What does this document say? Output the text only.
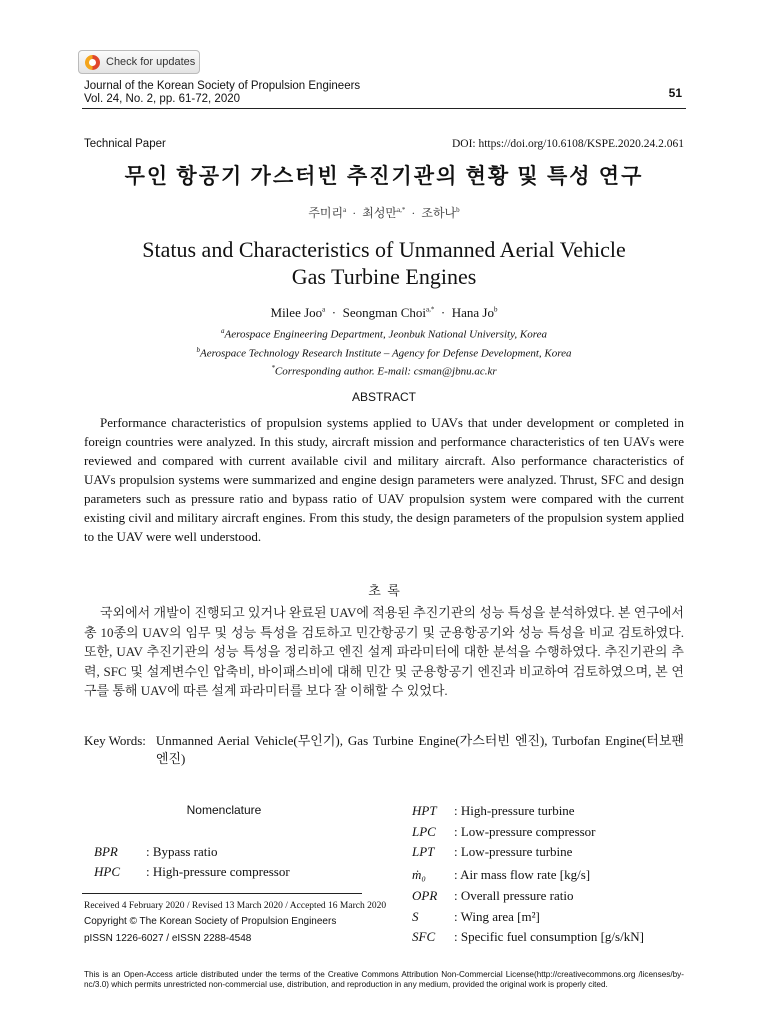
Check for updates
Journal of the Korean Society of Propulsion Engineers
Vol. 24, No. 2, pp. 61-72, 2020	51
Technical Paper	DOI: https://doi.org/10.6108/KSPE.2020.24.2.061
무인 항공기 가스터빈 추진기관의 현황 및 특성 연구
주미리$^a$  ·  최성만$^{a,*}$  ·  조하나$^b$
Status and Characteristics of Unmanned Aerial Vehicle
Gas Turbine Engines
Milee Joo$^a$  ·  Seongman Choi$^{a,*}$  ·  Hana Jo$^b$
$^a$Aerospace Engineering Department, Jeonbuk National University, Korea
$^b$Aerospace Technology Research Institute – Agency for Defense Development, Korea
*Corresponding author. E-mail: csman@jbnu.ac.kr
ABSTRACT
Performance characteristics of propulsion systems applied to UAVs that under development or completed in foreign countries were analyzed. In this study, aircraft mission and performance characteristics of ten UAVs were reviewed and compared with current available civil and military aircraft. Also performance characteristics of UAVs propulsion systems were summarized and engine design parameters were analyzed. Thrust, SFC and design parameters such as pressure ratio and bypass ratio of UAV propulsion system were compared with the current existing civil and military aircraft engines. From this study, the design parameters of the propulsion system applied to the UAV were well understood.
초  록
국외에서 개발이 진행되고 있거나 완료된 UAV에 적용된 추진기관의 성능 특성을 분석하였다. 본 연구에서 총 10종의 UAV의 임무 및 성능 특성을 검토하고 민간항공기 및 군용항공기와 성능 특성을 비교 검토하였다. 또한, UAV 추진기관의 성능 특성을 정리하고 엔진 설계 파라미터에 대한 분석을 수행하였다. 추진기관의 추력, SFC 및 설계변수인 압축비, 바이패스비에 대해 민간 및 군용항공기 엔진과 비교하여 검토하였으며, 본 연구를 통해 UAV에 따른 설계 파라미터를 보다 잘 이해할 수 있었다.
Key Words: Unmanned Aerial Vehicle(무인기), Gas Turbine Engine(가스터빈 엔진), Turbofan Engine(터보팬 엔진)
Nomenclature
BPR	: Bypass ratio
HPC	: High-pressure compressor
HPT	: High-pressure turbine
LPC	: Low-pressure compressor
LPT	: Low-pressure turbine
ṁ₀	: Air mass flow rate [kg/s]
OPR	: Overall pressure ratio
S	: Wing area [m²]
SFC	: Specific fuel consumption [g/s/kN]
Received 4 February 2020 / Revised 13 March 2020 / Accepted 16 March 2020
Copyright © The Korean Society of Propulsion Engineers
pISSN 1226-6027 / eISSN 2288-4548
This is an Open-Access article distributed under the terms of the Creative Commons Attribution Non-Commercial License(http://creativecommons.org /licenses/by-nc/3.0) which permits unrestricted non-commercial use, distribution, and reproduction in any medium, provided the original work is properly cited.
